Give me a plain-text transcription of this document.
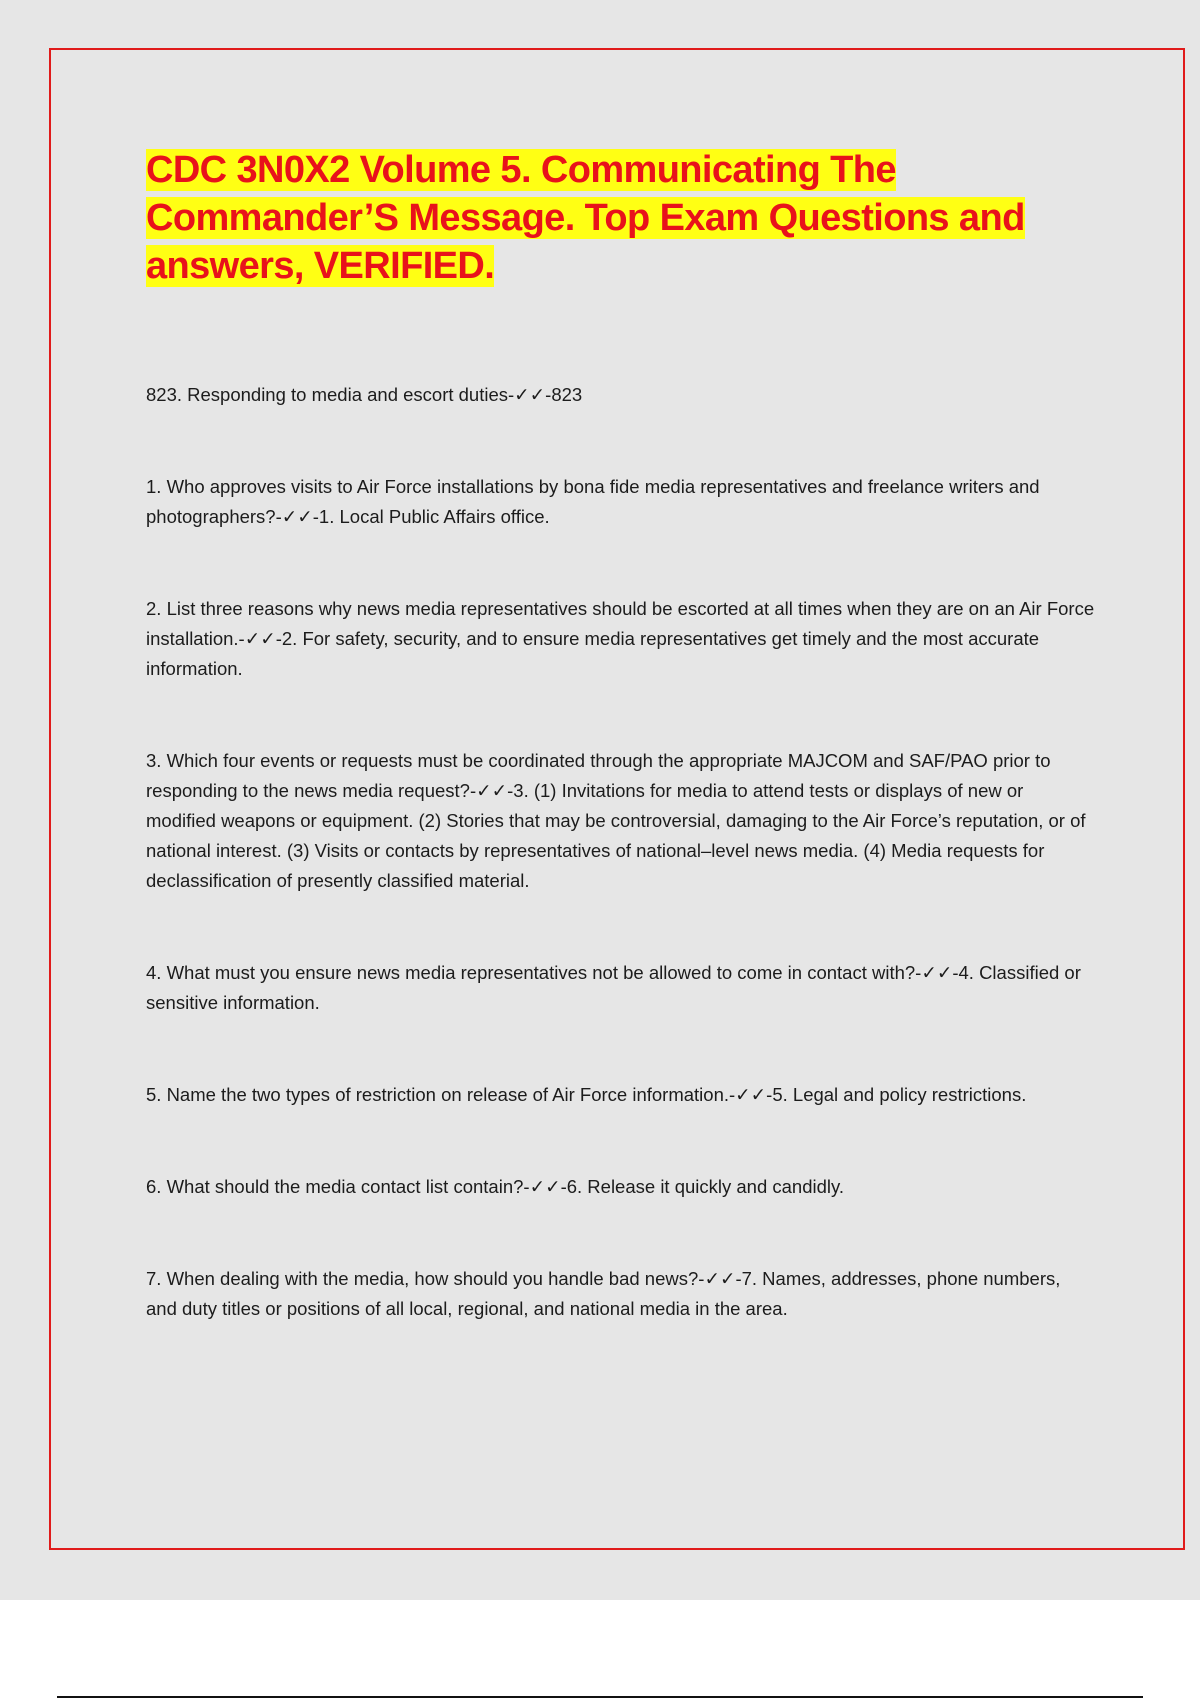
CDC 3N0X2 Volume 5. Communicating The Commander’S Message. Top Exam Questions and answers, VERIFIED.

823. Responding to media and escort duties-✓✓-823

1. Who approves visits to Air Force installations by bona fide media representatives and freelance writers and photographers?-✓✓-1. Local Public Affairs office.

2. List three reasons why news media representatives should be escorted at all times when they are on an Air Force installation.-✓✓-2. For safety, security, and to ensure media representatives get timely and the most accurate information.

3. Which four events or requests must be coordinated through the appropriate MAJCOM and SAF/PAO prior to responding to the news media request?-✓✓-3. (1) Invitations for media to attend tests or displays of new or modified weapons or equipment. (2) Stories that may be controversial, damaging to the Air Force’s reputation, or of national interest. (3) Visits or contacts by representatives of national–level news media. (4) Media requests for declassification of presently classified material.

4. What must you ensure news media representatives not be allowed to come in contact with?-✓✓-4. Classified or sensitive information.

5. Name the two types of restriction on release of Air Force information.-✓✓-5. Legal and policy restrictions.

6. What should the media contact list contain?-✓✓-6. Release it quickly and candidly.

7. When dealing with the media, how should you handle bad news?-✓✓-7. Names, addresses, phone numbers, and duty titles or positions of all local, regional, and national media in the area.
